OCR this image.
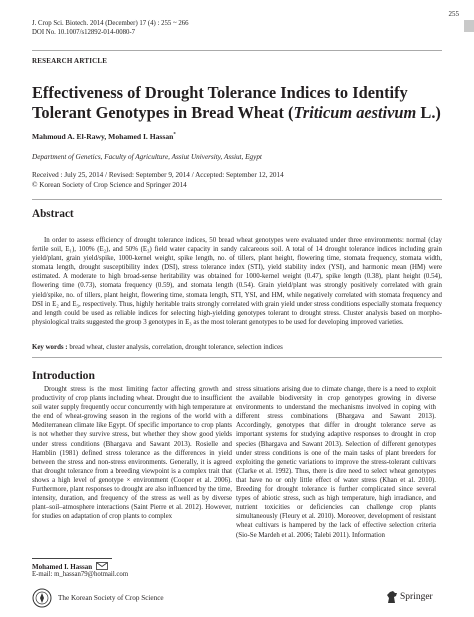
255
J. Crop Sci. Biotech. 2014 (December) 17 (4) : 255 ~ 266
DOI No. 10.1007/s12892-014-0080-7
RESEARCH ARTICLE
Effectiveness of Drought Tolerance Indices to Identify
Tolerant Genotypes in Bread Wheat (Triticum aestivum L.)
Mahmoud A. El-Rawy, Mohamed I. Hassan*
Department of Genetics, Faculty of Agriculture, Assiut University, Assiut, Egypt
Received : July 25, 2014 / Revised: September 9, 2014 / Accepted: September 12, 2014
© Korean Society of Crop Science and Springer 2014
Abstract

In order to assess efficiency of drought tolerance indices, 50 bread wheat genotypes were evaluated under three environments: normal (clay fertile soil, E₁), 100% (E₂), and 50% (E₃) field water capacity in sandy calcareous soil. A total of 14 drought tolerance indices including grain yield/plant, grain yield/spike, 1000-kernel weight, spike length, no. of tillers, plant height, flowering time, stomata frequency, stomata width, stomata length, drought susceptibility index (DSI), stress tolerance index (STI), yield stability index (YSI), and harmonic mean (HM) were estimated. A moderate to high broad-sense heritability was obtained for 1000-kernel weight (0.47), spike length (0.38), plant height (0.54), flowering time (0.73), stomata frequency (0.59), and stomata length (0.54). Grain yield/plant was strongly positively correlated with grain yield/spike, no. of tillers, plant height, flowering time, stomata length, STI, YSI, and HM, while negatively correlated with stomata frequency and DSI in E₂ and E₃, respectively. Thus, highly heritable traits strongly correlated with grain yield under stress conditions especially stomata frequency and length could be used as reliable indices for selecting high-yielding genotypes tolerant to drought stress. Cluster analysis based on morpho-physiological traits suggested the group 3 genotypes in E₃ as the most tolerant genotypes to be used for developing improved varieties.

Key words : bread wheat, cluster analysis, correlation, drought tolerance, selection indices
Introduction

Drought stress is the most limiting factor affecting growth and productivity of crop plants including wheat. Drought due to insufficient soil water supply frequently occur concurrently with high temperature at the end of wheat-growing season in the regions of the world with a Mediterranean climate like Egypt. Of specific importance to crop plants is not whether they survive stress, but whether they show good yields under stress conditions (Bhargava and Sawant 2013). Rosielle and Hamblin (1981) defined stress tolerance as the differences in yield between the stress and non-stress environments. Generally, it is agreed that drought tolerance from a breeding viewpoint is a complex trait that shows a high level of genotype × environment (Cooper et al. 2006). Furthermore, plant responses to drought are also influenced by the time, intensity, duration, and frequency of the stress as well as by diverse plant–soil–atmosphere interactions (Saint Pierre et al. 2012). However, for studies on adaptation of crop plants to complex

stress situations arising due to climate change, there is a need to exploit the available biodiversity in crop genotypes growing in diverse environments to understand the mechanisms involved in coping with different stress combinations (Bhargava and Sawant 2013). Accordingly, genotypes that differ in drought tolerance serve as important systems for studying adaptive responses to drought in crop species (Bhargava and Sawant 2013). Selection of different genotypes under stress conditions is one of the main tasks of plant breeders for exploiting the genetic variations to improve the stress-tolerant cultivars (Clarke et al. 1992). Thus, there is dire need to select wheat genotypes that have no or only little effect of water stress (Khan et al. 2010). Breeding for drought tolerance is further complicated since several types of abiotic stress, such as high temperature, high irradiance, and nutrient toxicities or deficiencies can challenge crop plants simultaneously (Fleury et al. 2010). Moreover, development of resistant wheat cultivars is hampered by the lack of effective selection criteria (Sio-Se Mardeh et al. 2006; Talebi 2011). Information

Mohamed I. Hassan
E-mail: m_hassan79@hotmail.com
The Korean Society of Crop Science	Springer
